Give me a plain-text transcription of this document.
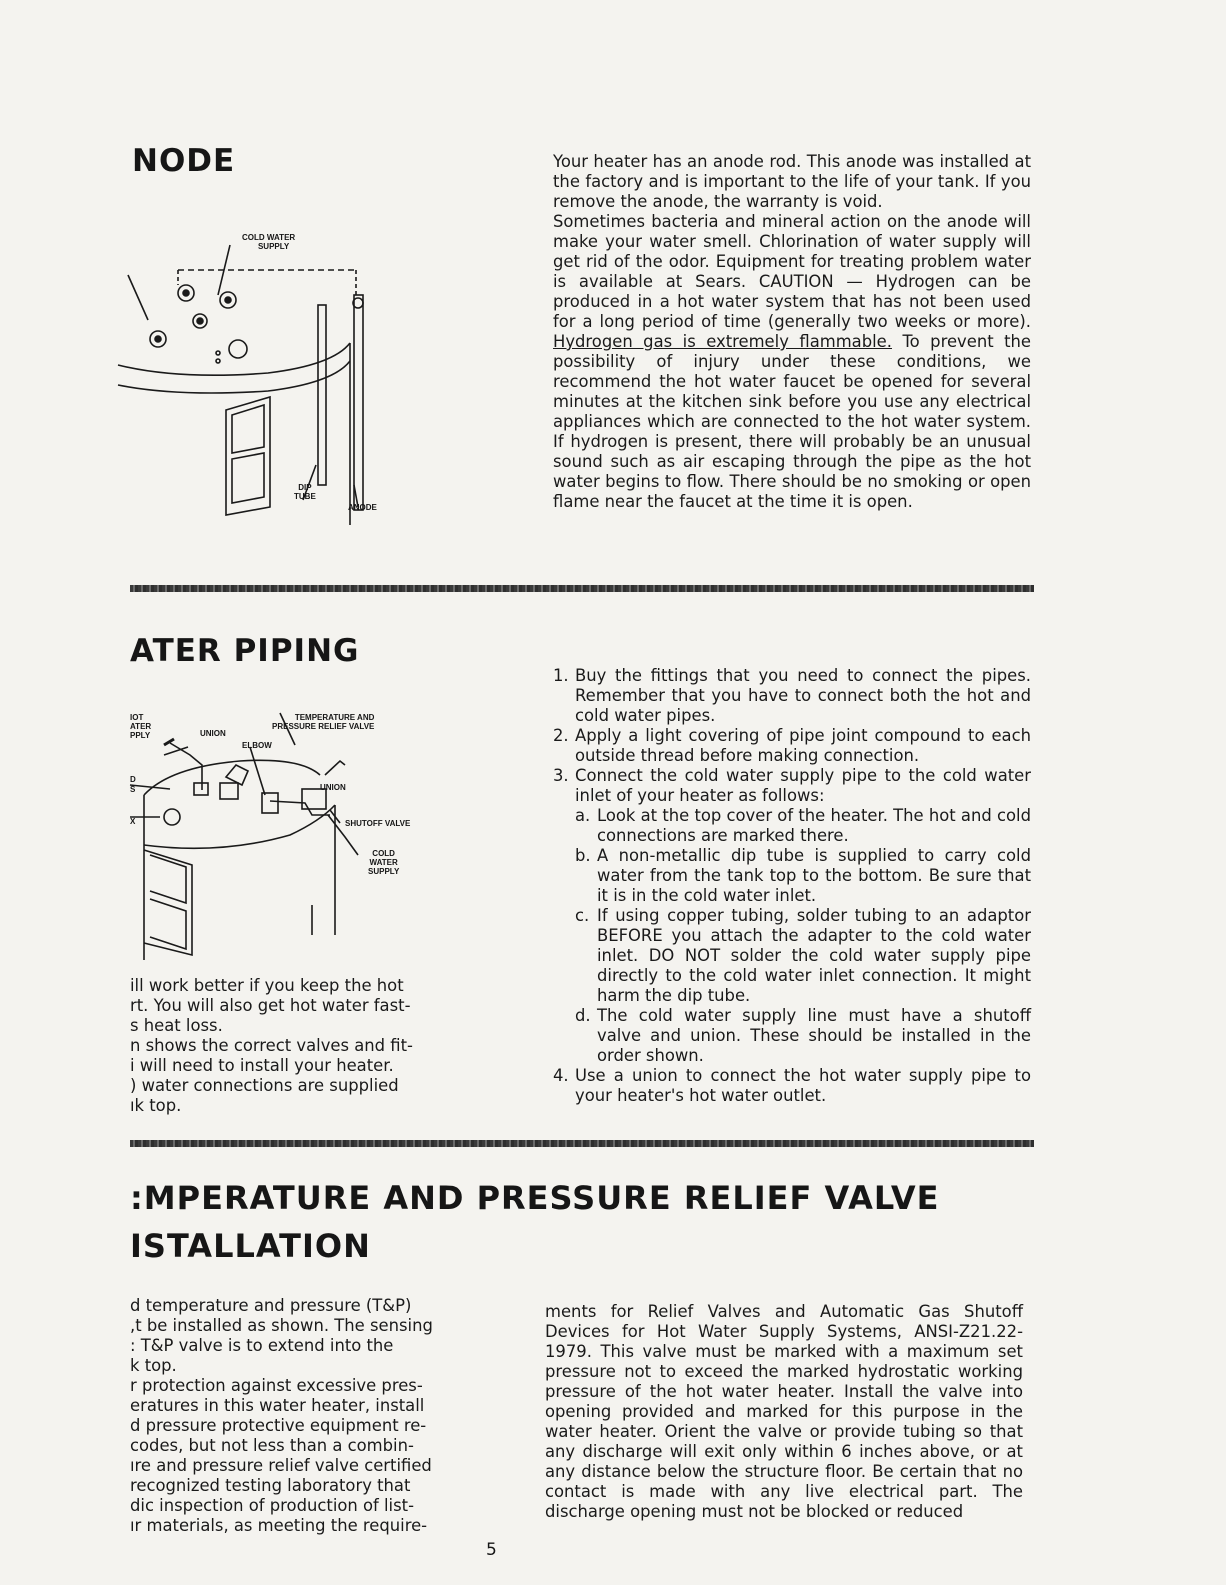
NODE
COLD WATER
SUPPLY
DIP
TUBE
ANODE

Your heater has an anode rod. This anode was installed at the factory and is important to the life of your tank. If you remove the anode, the warranty is void.

Sometimes bacteria and mineral action on the anode will make your water smell. Chlorination of water supply will get rid of the odor. Equipment for treating problem water is available at Sears. CAUTION — Hydrogen can be produced in a hot water system that has not been used for a long period of time (generally two weeks or more). Hydrogen gas is extremely flammable. To prevent the possibility of injury under these conditions, we recommend the hot water faucet be opened for several minutes at the kitchen sink before you use any electrical appliances which are connected to the hot water system. If hydrogen is present, there will probably be an unusual sound such as air escaping through the pipe as the hot water begins to flow. There should be no smoking or open flame near the faucet at the time it is open.

ATER PIPING
IOT
ATER
PPLY	UNION
ELBOW
TEMPERATURE AND
PRESSURE RELIEF VALVE
UNION
SHUTOFF VALVE
COLD
WATER
SUPPLY
D
S
X

ill work better if you keep the hot

rt. You will also get hot water fast-

s heat loss.

n shows the correct valves and fit-

i will need to install your heater.

) water connections are supplied

ık top.

1. Buy the fittings that you need to connect the pipes. Remember that you have to connect both the hot and cold water pipes.
2. Apply a light covering of pipe joint compound to each outside thread before making connection.
3. Connect the cold water supply pipe to the cold water inlet of your heater as follows:
a. Look at the top cover of the heater. The hot and cold connections are marked there.
b. A non-metallic dip tube is supplied to carry cold water from the tank top to the bottom. Be sure that it is in the cold water inlet.
c. If using copper tubing, solder tubing to an adaptor BEFORE you attach the adapter to the cold water inlet. DO NOT solder the cold water supply pipe directly to the cold water inlet connection. It might harm the dip tube.
d. The cold water supply line must have a shutoff valve and union. These should be installed in the order shown.
4. Use a union to connect the hot water supply pipe to your heater's hot water outlet.
:MPERATURE AND PRESSURE RELIEF VALVE
ISTALLATION

d temperature and pressure (T&P)

,t be installed as shown. The sensing

: T&P valve is to extend into the

k top.

r protection against excessive pres-

eratures in this water heater, install

d pressure protective equipment re-

codes, but not less than a combin-

ıre and pressure relief valve certified

recognized testing laboratory that

dic inspection of production of list-

ır materials, as meeting the require-

ments for Relief Valves and Automatic Gas Shutoff Devices for Hot Water Supply Systems, ANSI-Z21.22-1979. This valve must be marked with a maximum set pressure not to exceed the marked hydrostatic working pressure of the hot water heater. Install the valve into opening provided and marked for this purpose in the water heater. Orient the valve or provide tubing so that any discharge will exit only within 6 inches above, or at any distance below the structure floor. Be certain that no contact is made with any live electrical part. The discharge opening must not be blocked or reduced

5
